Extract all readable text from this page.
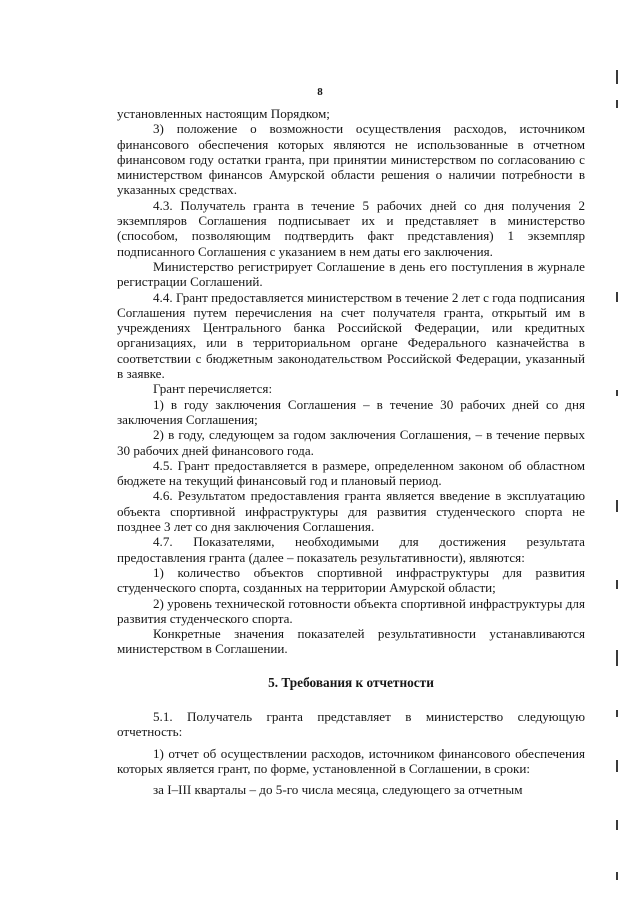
8

установленных настоящим Порядком;

3) положение о возможности осуществления расходов, источником финансового обеспечения которых являются не использованные в отчетном финансовом году остатки гранта, при принятии министерством по согласованию с министерством финансов Амурской области решения о наличии потребности в указанных средствах.

4.3. Получатель гранта в течение 5 рабочих дней со дня получения 2 экземпляров Соглашения подписывает их и представляет в министерство (способом, позволяющим подтвердить факт представления) 1 экземпляр подписанного Соглашения с указанием в нем даты его заключения.

Министерство регистрирует Соглашение в день его поступления в журнале регистрации Соглашений.

4.4. Грант предоставляется министерством в течение 2 лет с года подписания Соглашения путем перечисления на счет получателя гранта, открытый им в учреждениях Центрального банка Российской Федерации, или кредитных организациях, или в территориальном органе Федерального казначейства в соответствии с бюджетным законодательством Российской Федерации, указанный в заявке.

Грант перечисляется:

1) в году заключения Соглашения – в течение 30 рабочих дней со дня заключения Соглашения;

2) в году, следующем за годом заключения Соглашения, – в течение первых 30 рабочих дней финансового года.

4.5. Грант предоставляется в размере, определенном законом об областном бюджете на текущий финансовый год и плановый период.

4.6. Результатом предоставления гранта является введение в эксплуатацию объекта спортивной инфраструктуры для развития студенческого спорта не позднее 3 лет со дня заключения Соглашения.

4.7. Показателями, необходимыми для достижения результата предоставления гранта (далее – показатель результативности), являются:

1) количество объектов спортивной инфраструктуры для развития студенческого спорта, созданных на территории Амурской области;

2) уровень технической готовности объекта спортивной инфраструктуры для развития студенческого спорта.

Конкретные значения показателей результативности устанавливаются министерством в Соглашении.

5. Требования к отчетности

5.1. Получатель гранта представляет в министерство следующую отчетность:

1) отчет об осуществлении расходов, источником финансового обеспечения которых является грант, по форме, установленной в Соглашении, в сроки:

за I–III кварталы – до 5-го числа месяца, следующего за отчетным
